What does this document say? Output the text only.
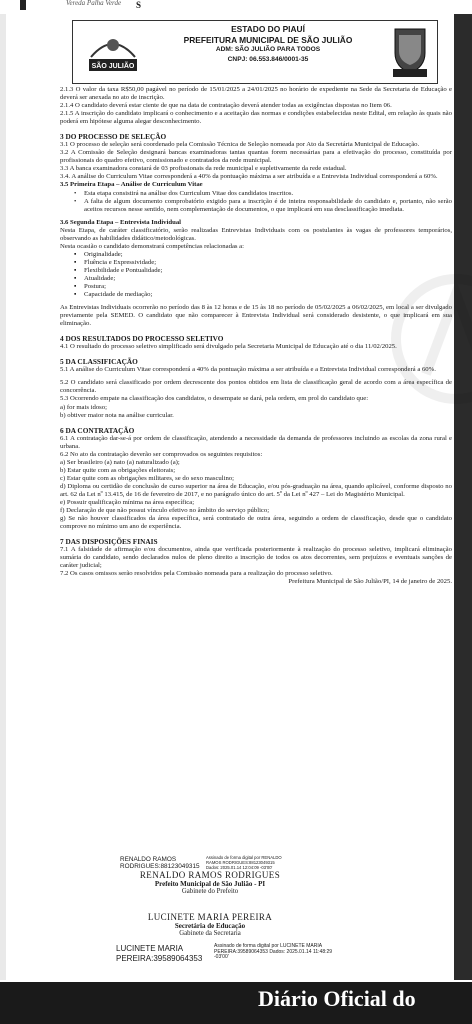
Vereda Palha Verde S
SÃO JULIÃO
ESTADO DO PIAUÍ
PREFEITURA MUNICIPAL DE SÃO JULIÃO
ADM: SÃO JULIÃO PARA TODOS
CNPJ: 06.553.846/0001-35

2.1.3 O valor da taxa R$50,00 pagável no período de 15/01/2025 a 24/01/2025 no horário de expediente na Sede da Secretaria de Educação e deverá ser anexada no ato de inscrição.

2.1.4 O candidato deverá estar ciente de que na data de contratação deverá atender todas as exigências dispostas no Item 06.

2.1.5 A inscrição do candidato implicará o conhecimento e a aceitação das normas e condições estabelecidas neste Edital, em relação às quais não poderá em hipótese alguma alegar desconhecimento.

3 DO PROCESSO DE SELEÇÃO

3.1 O processo de seleção será coordenado pela Comissão Técnica de Seleção nomeada por Ato da Secretária Municipal de Educação.

3.2 A Comissão de Seleção designará bancas examinadoras tantas quantas forem necessárias para a efetivação do processo, constituída por profissionais do quadro efetivo, comissionado e contratados da rede municipal.

3.3 A banca examinadora constará de 03 profissionais da rede municipal e supletivamente da rede estadual.

3.4. A análise do Curriculum Vitae corresponderá a 40% da pontuação máxima a ser atribuída e a Entrevista Individual corresponderá a 60%.

3.5 Primeira Etapa – Análise de Curriculum Vitae

• Esta etapa consistirá na análise dos Curriculum Vitae dos candidatos inscritos.
• A falta de algum documento comprobatório exigido para a inscrição é de inteira responsabilidade do candidato e, portanto, não serão aceitos recursos nesse sentido, nem complementação de documentos, o que implicará em sua desclassificação imediata.

3.6 Segunda Etapa – Entrevista Individual

Nesta Etapa, de caráter classificatório, serão realizadas Entrevistas Individuais com os postulantes às vagas de professores temporários, observando as habilidades didático/metodológicas.

Nesta ocasião o candidato demonstrará competências relacionadas a:

▪ Originalidade;
▪ Fluência e Expressividade;
▪ Flexibilidade e Pontualidade;
▪ Atualidade;
▪ Postura;
▪ Capacidade de mediação;

As Entrevistas Individuais ocorrerão no período das 8 às 12 horas e de 15 às 18 no período de 05/02/2025 a 06/02/2025, em local a ser divulgado previamente pela SEMED. O candidato que não comparecer à Entrevista Individual será considerado desistente, o que implicará em sua eliminação.

4 DOS RESULTADOS DO PROCESSO SELETIVO

4.1 O resultado do processo seletivo simplificado será divulgado pela Secretaria Municipal de Educação até o dia 11/02/2025.

5 DA CLASSIFICAÇÃO

5.1 A análise do Curriculum Vitae corresponderá a 40% da pontuação máxima a ser atribuída e a Entrevista Individual corresponderá a 60%.

5.2 O candidato será classificado por ordem decrescente dos pontos obtidos em lista de classificação geral de acordo com a área específica de concorrência.

5.3 Ocorrendo empate na classificação dos candidatos, o desempate se dará, pela ordem, em prol do candidato que:

a) for mais idoso;

b) obtiver maior nota na análise curricular.

6 DA CONTRATAÇÃO

6.1 A contratação dar-se-á por ordem de classificação, atendendo a necessidade da demanda de professores incluindo as escolas da zona rural e urbana.

6.2 No ato da contratação deverão ser comprovados os seguintes requisitos:

a) Ser brasileiro (a) nato (a) naturalizado (a);

b) Estar quite com as obrigações eleitorais;

c) Estar quite com as obrigações militares, se do sexo masculino;

d) Diploma ou certidão de conclusão de curso superior na área de Educação, e/ou pós-graduação na área, quando aplicável, conforme disposto no art. 62 da Lei nº 13.415, de 16 de fevereiro de 2017, e no parágrafo único do art. 5º da Lei nº 427 – Lei do Magistério Municipal.

e) Possuir qualificação mínima na área específica;

f) Declaração de que não possui vínculo efetivo no âmbito do serviço público;

g) Se não houver classificados da área específica, será contratado de outra área, seguindo a ordem de classificação, desde que o candidato comprove no mínimo um ano de experiência.

7 DAS DISPOSIÇÕES FINAIS

7.1 A falsidade de afirmação e/ou documentos, ainda que verificada posteriormente à realização do processo seletivo, implicará eliminação sumária do candidato, sendo declarados nulos de pleno direito a inscrição de todos os atos decorrentes, sem prejuízos e eventuais sanções de caráter judicial;

7.2 Os casos omissos serão resolvidos pela Comissão nomeada para a realização do processo seletivo.

Prefeitura Municipal de São Julião/PI, 14 de janeiro de 2025.

RENALDO RAMOS RODRIGUES:88123049315
Assinado de forma digital por RENALDO RAMOS RODRIGUES:88123049315 Dados: 2025.01.14 12:04:09 -03'00'
RENALDO RAMOS RODRIGUES
Prefeito Municipal de São Julião - PI
Gabinete do Prefeito
LUCINETE MARIA PEREIRA
Secretária de Educação
Gabinete da Secretaria
LUCINETE MARIA PEREIRA:39589064353
Assinado de forma digital por LUCINETE MARIA PEREIRA:39589064353 Dados: 2025.01.14 11:48:29 -03'00'
Diário Oficial do
